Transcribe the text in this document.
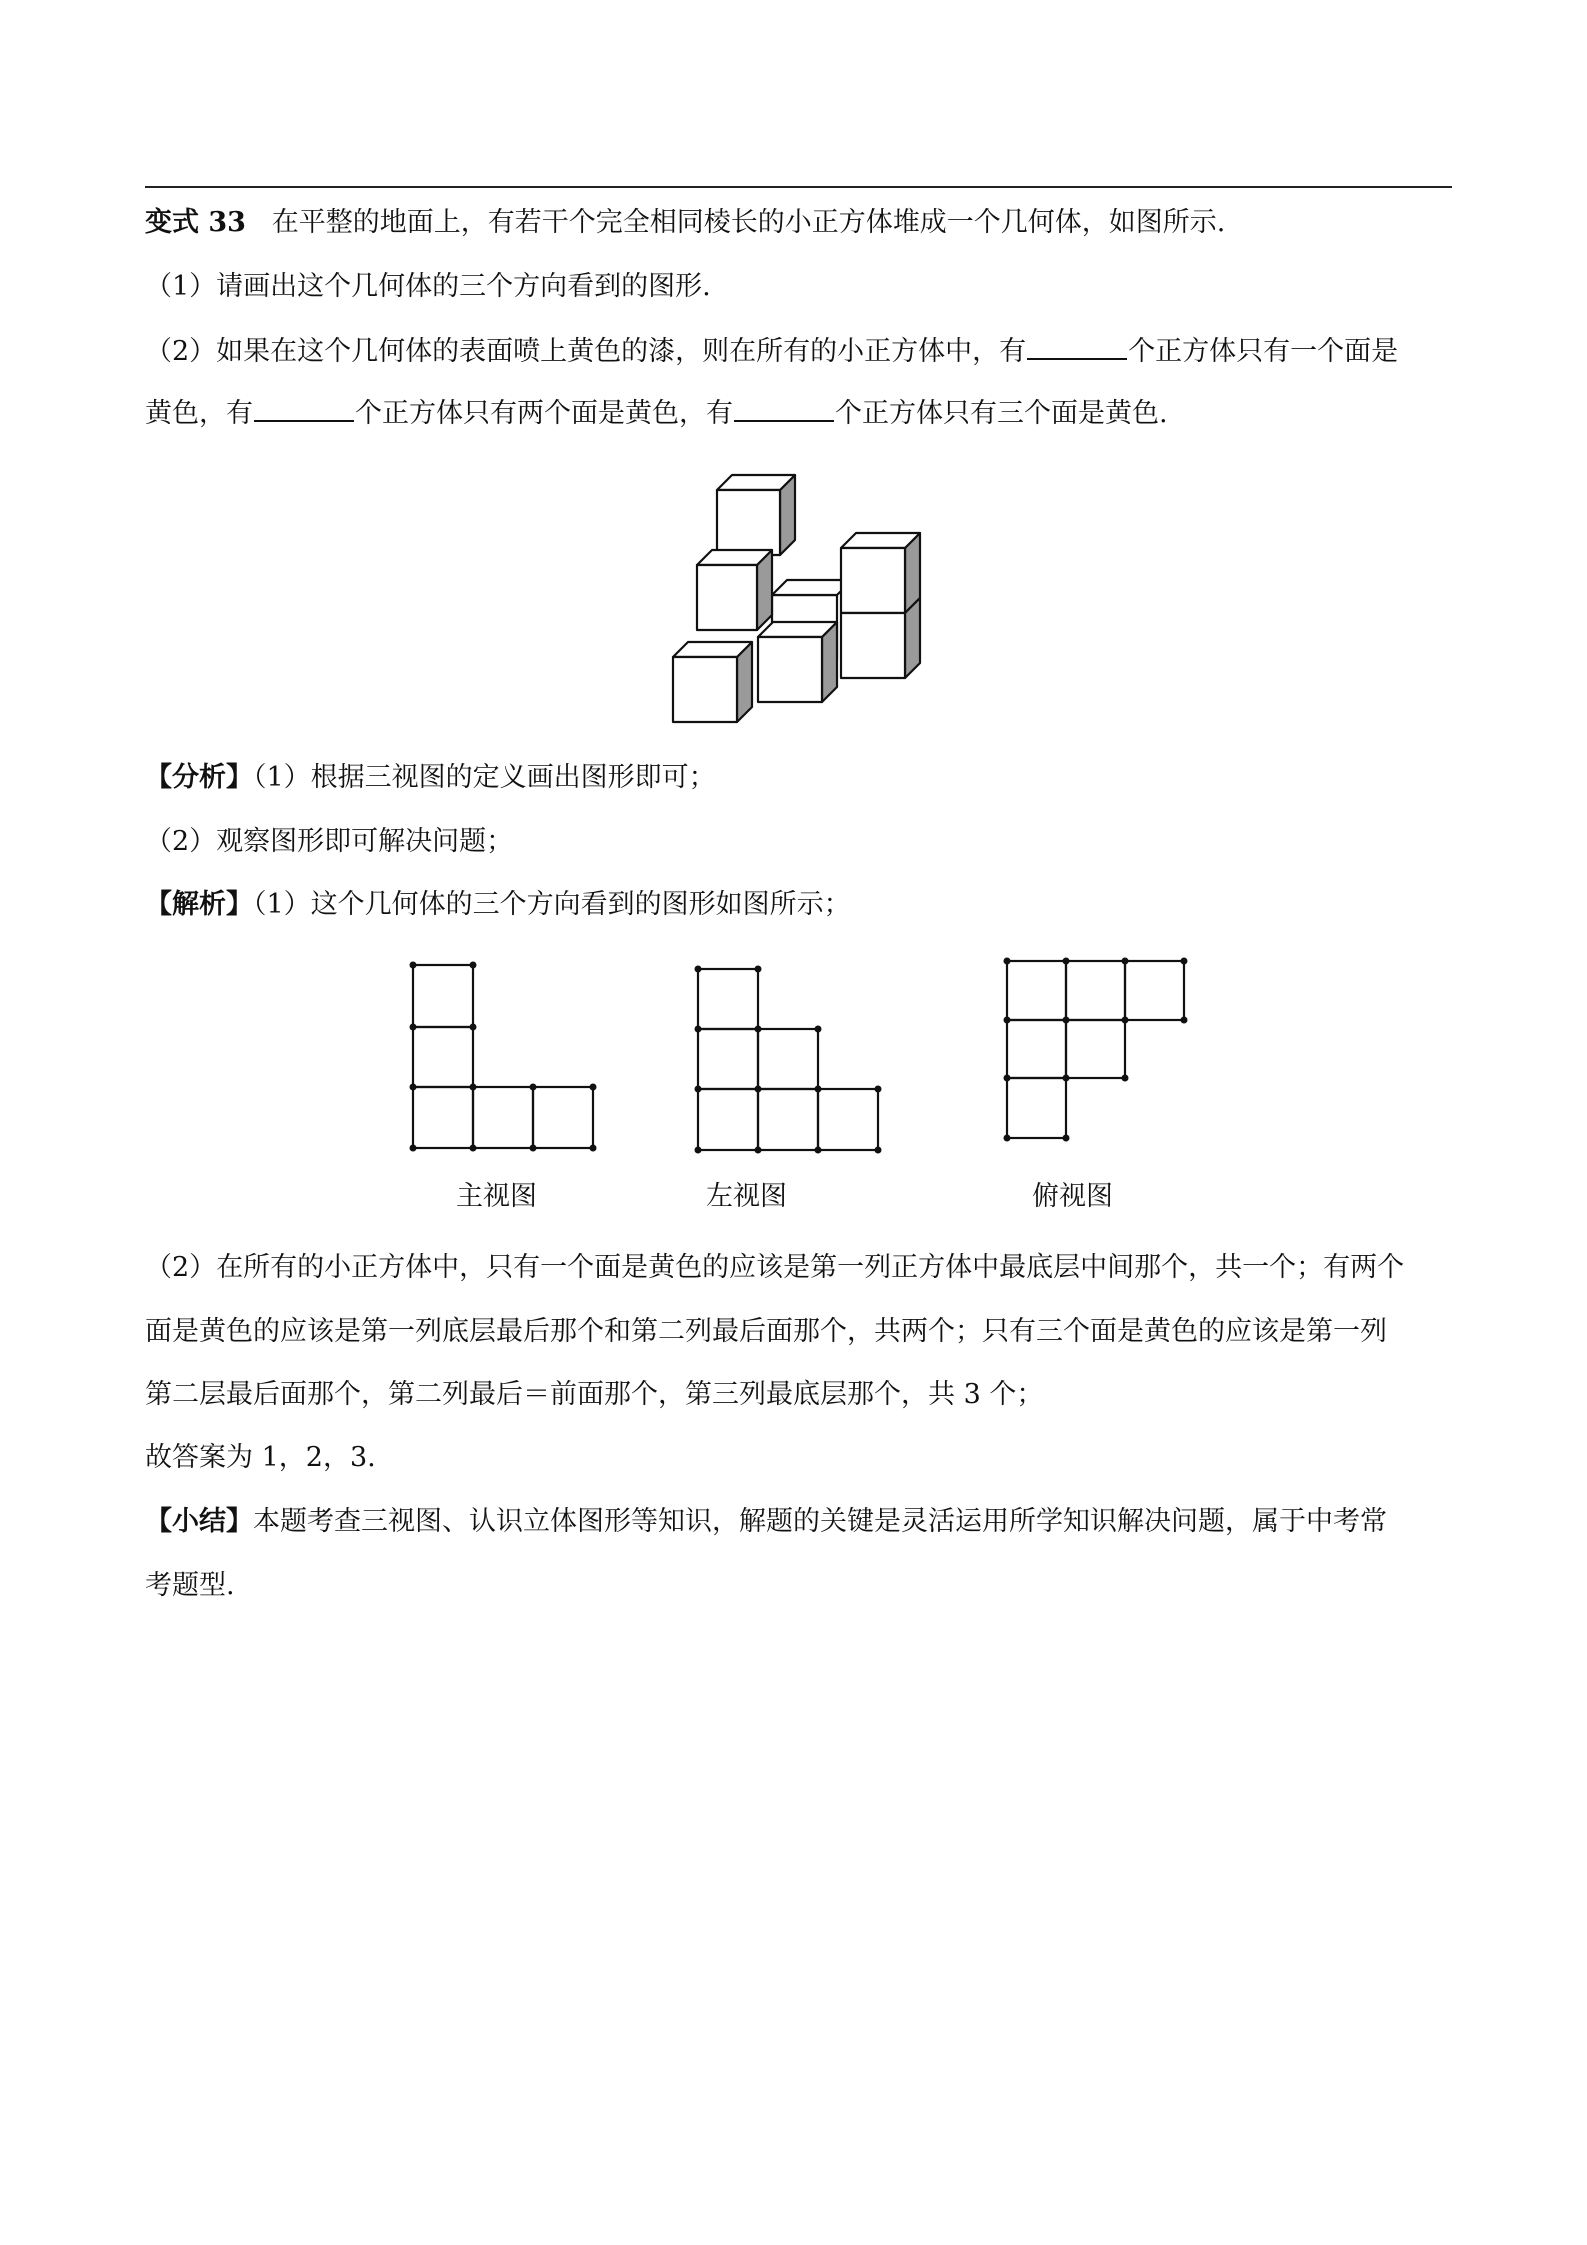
变式 33 在平整的地面上，有若干个完全相同棱长的小正方体堆成一个几何体，如图所示.
（1）请画出这个几何体的三个方向看到的图形.
（2）如果在这个几何体的表面喷上黄色的漆，则在所有的小正方体中，有	个正方体只有一个面是
黄色，有	个正方体只有两个面是黄色，有	个正方体只有三个面是黄色.
【分析】（1）根据三视图的定义画出图形即可；
（2）观察图形即可解决问题；
【解析】（1）这个几何体的三个方向看到的图形如图所示；
主视图	左视图	俯视图
（2）在所有的小正方体中，只有一个面是黄色的应该是第一列正方体中最底层中间那个，共一个；有两个
面是黄色的应该是第一列底层最后那个和第二列最后面那个，共两个；只有三个面是黄色的应该是第一列
第二层最后面那个，第二列最后＝前面那个，第三列最底层那个，共 3 个；
故答案为 1，2，3.
【小结】本题考查三视图、认识立体图形等知识，解题的关键是灵活运用所学知识解决问题，属于中考常
考题型.
